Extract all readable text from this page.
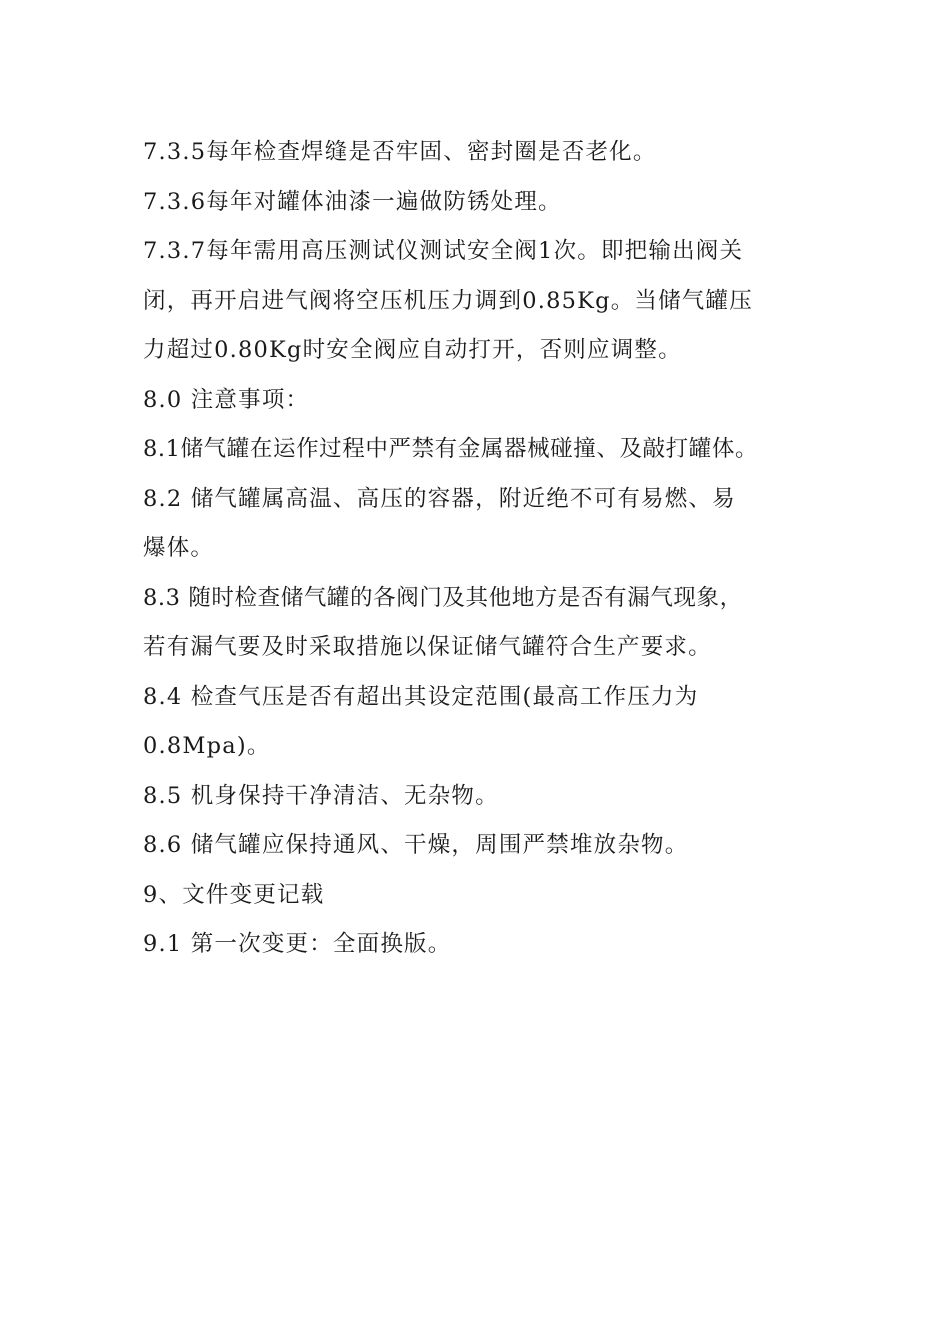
7.3.5每年检查焊缝是否牢固、密封圈是否老化。
7.3.6每年对罐体油漆一遍做防锈处理。
7.3.7每年需用高压测试仪测试安全阀1次。即把输出阀关
闭，再开启进气阀将空压机压力调到0.85Kg。当储气罐压
力超过0.80Kg时安全阀应自动打开，否则应调整。
8.0 注意事项：
8.1储气罐在运作过程中严禁有金属器械碰撞、及敲打罐体。
8.2 储气罐属高温、高压的容器，附近绝不可有易燃、易
爆体。
8.3 随时检查储气罐的各阀门及其他地方是否有漏气现象，
若有漏气要及时采取措施以保证储气罐符合生产要求。
8.4 检查气压是否有超出其设定范围(最高工作压力为
0.8Mpa)。
8.5 机身保持干净清洁、无杂物。
8.6 储气罐应保持通风、干燥，周围严禁堆放杂物。
9、文件变更记载
9.1 第一次变更：全面换版。
